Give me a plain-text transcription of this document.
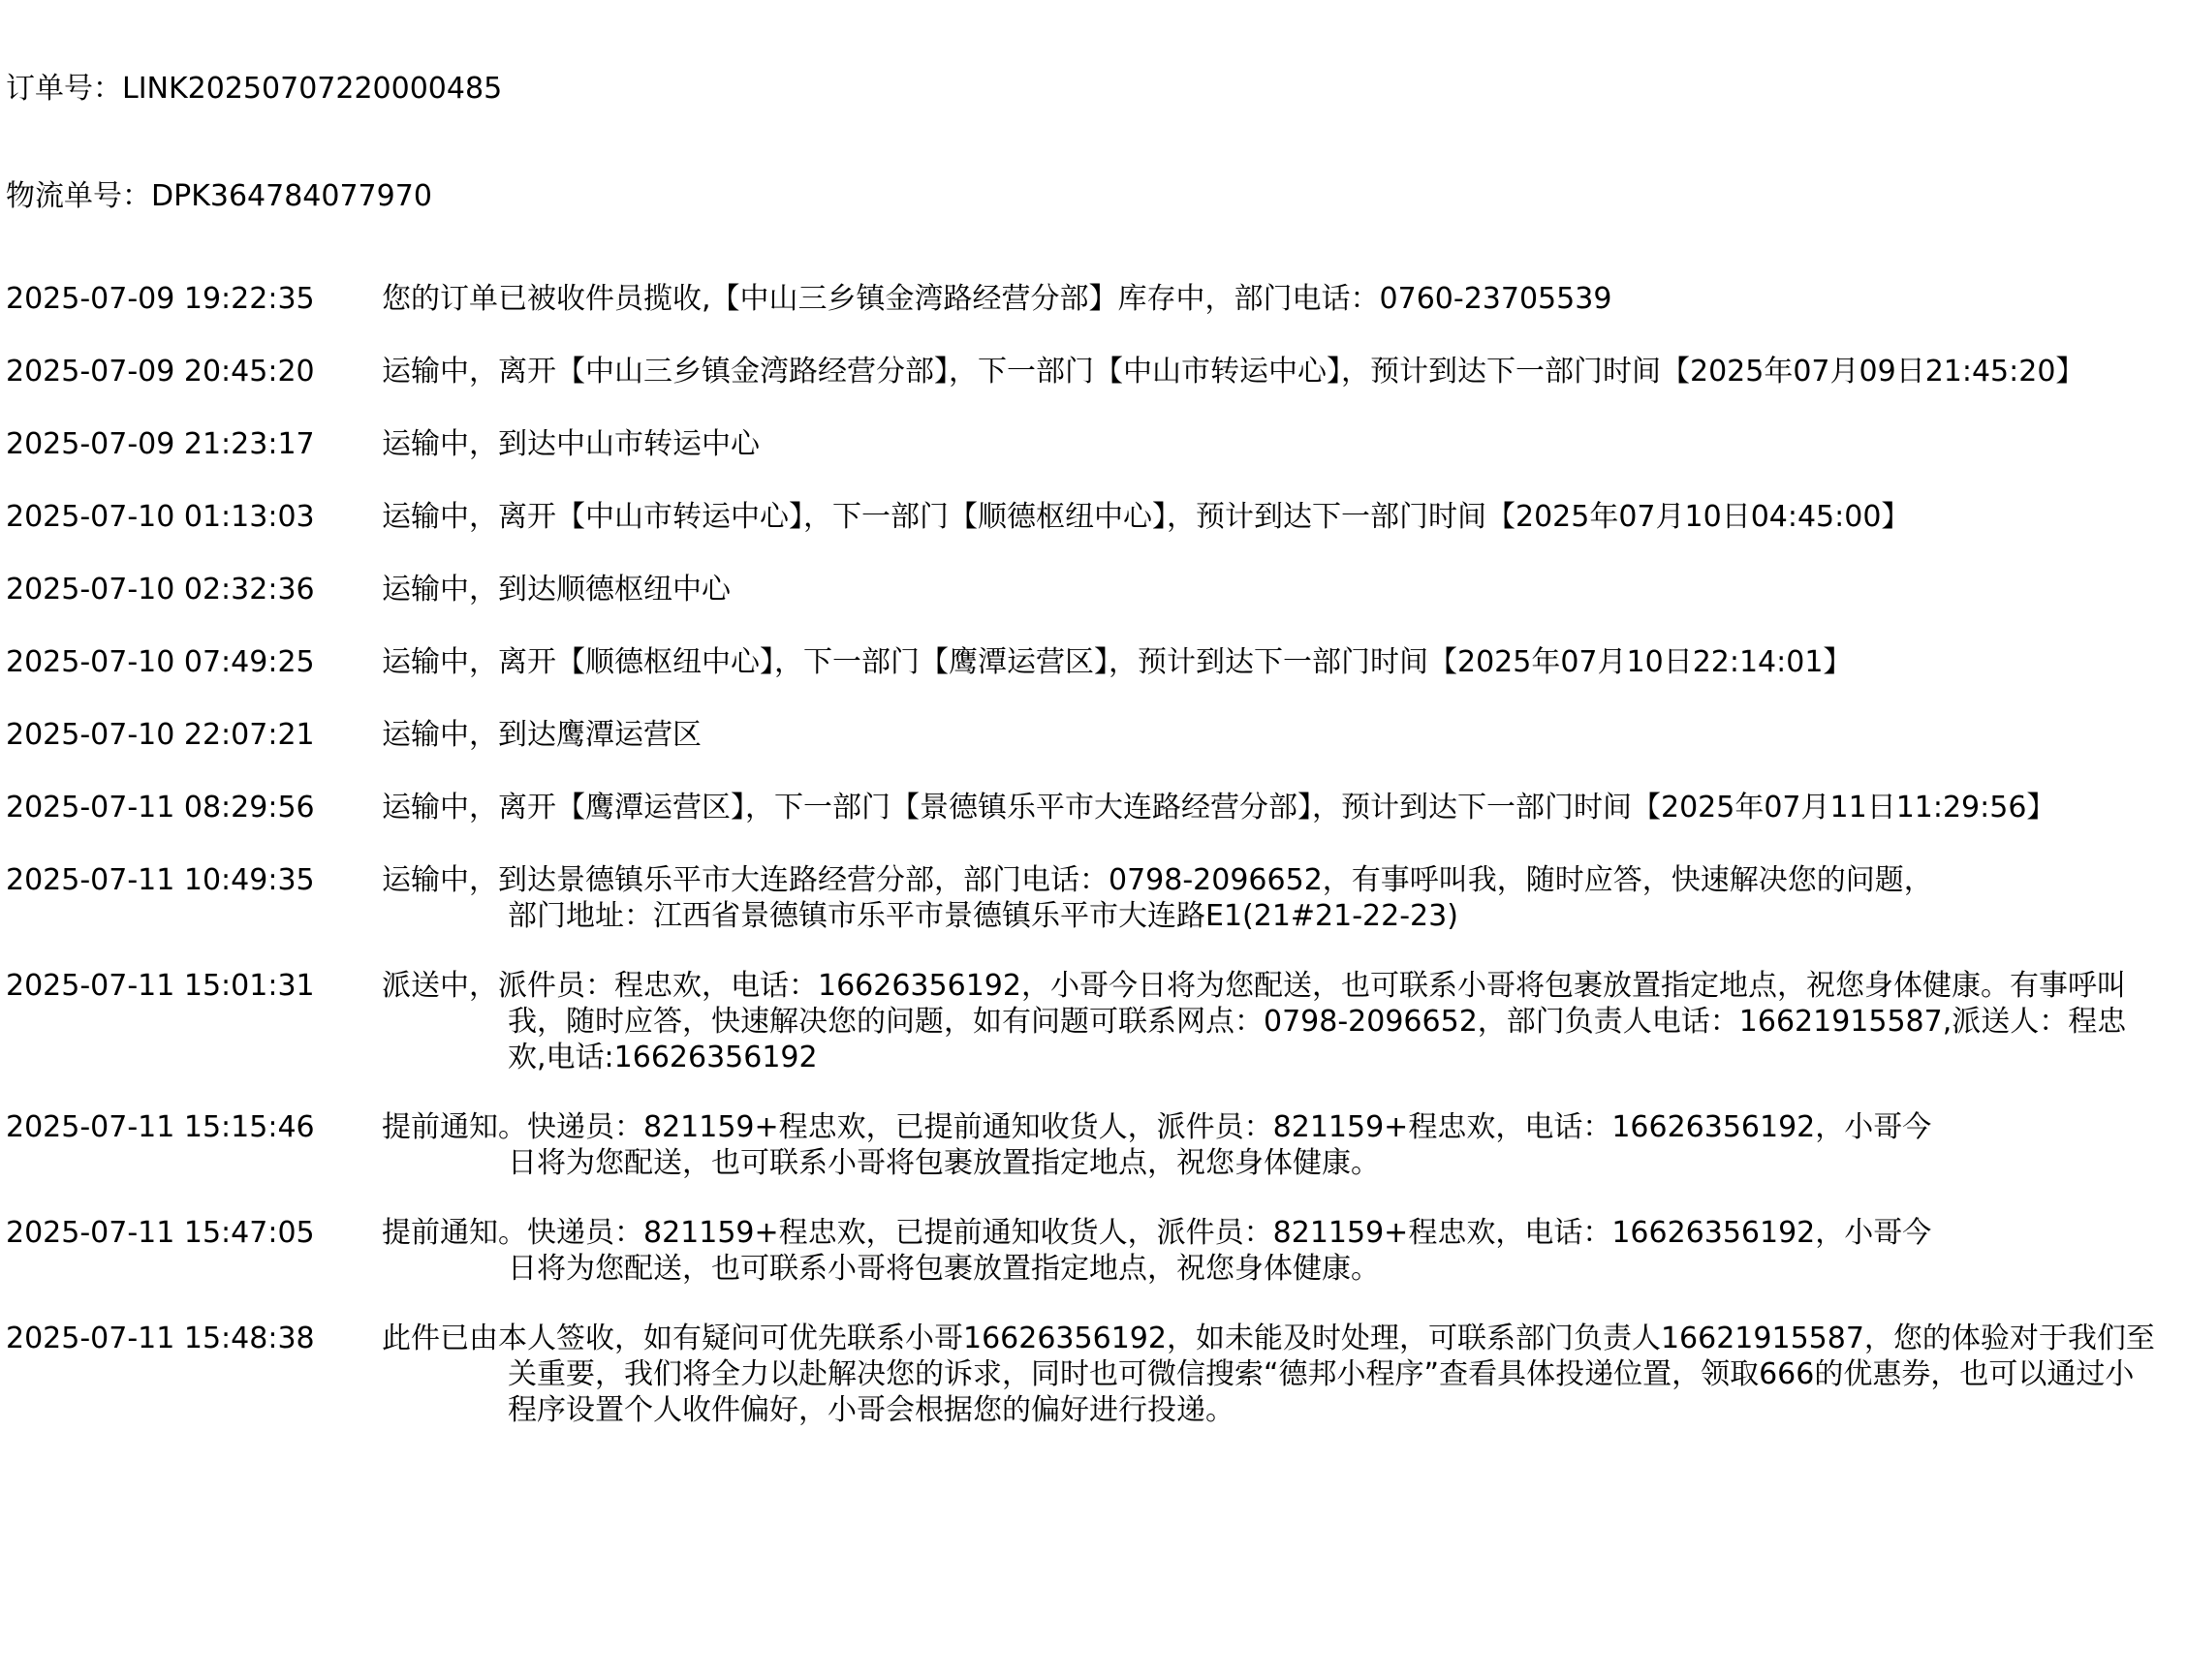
订单号：LINK20250707220000485
物流单号：DPK364784077970
2025-07-09 19:22:35 您的订单已被收件员揽收,【中山三乡镇金湾路经营分部】库存中，部门电话：0760-23705539
2025-07-09 20:45:20 运输中，离开【中山三乡镇金湾路经营分部】，下一部门【中山市转运中心】，预计到达下一部门时间【2025年07月09日21:45:20】
2025-07-09 21:23:17 运输中，到达中山市转运中心
2025-07-10 01:13:03 运输中，离开【中山市转运中心】，下一部门【顺德枢纽中心】，预计到达下一部门时间【2025年07月10日04:45:00】
2025-07-10 02:32:36 运输中，到达顺德枢纽中心
2025-07-10 07:49:25 运输中，离开【顺德枢纽中心】，下一部门【鹰潭运营区】，预计到达下一部门时间【2025年07月10日22:14:01】
2025-07-10 22:07:21 运输中，到达鹰潭运营区
2025-07-11 08:29:56 运输中，离开【鹰潭运营区】，下一部门【景德镇乐平市大连路经营分部】，预计到达下一部门时间【2025年07月11日11:29:56】
2025-07-11 10:49:35 运输中，到达景德镇乐平市大连路经营分部，部门电话：0798-2096652，有事呼叫我，随时应答，快速解决您的问题，部门地址：江西省景德镇市乐平市景德镇乐平市大连路E1(21#21-22-23)
2025-07-11 15:01:31 派送中，派件员：程忠欢，电话：16626356192，小哥今日将为您配送，也可联系小哥将包裹放置指定地点，祝您身体健康。有事呼叫我，随时应答，快速解决您的问题，如有问题可联系网点：0798-2096652，部门负责人电话：16621915587,派送人：程忠欢,电话:16626356192
2025-07-11 15:15:46 提前通知。快递员：821159+程忠欢，已提前通知收货人，派件员：821159+程忠欢，电话：16626356192，小哥今日将为您配送，也可联系小哥将包裹放置指定地点，祝您身体健康。
2025-07-11 15:47:05 提前通知。快递员：821159+程忠欢，已提前通知收货人，派件员：821159+程忠欢，电话：16626356192，小哥今日将为您配送，也可联系小哥将包裹放置指定地点，祝您身体健康。
2025-07-11 15:48:38 此件已由本人签收，如有疑问可优先联系小哥16626356192，如未能及时处理，可联系部门负责人16621915587，您的体验对于我们至关重要，我们将全力以赴解决您的诉求，同时也可微信搜索“德邦小程序”查看具体投递位置，领取666的优惠券，也可以通过小程序设置个人收件偏好，小哥会根据您的偏好进行投递。
